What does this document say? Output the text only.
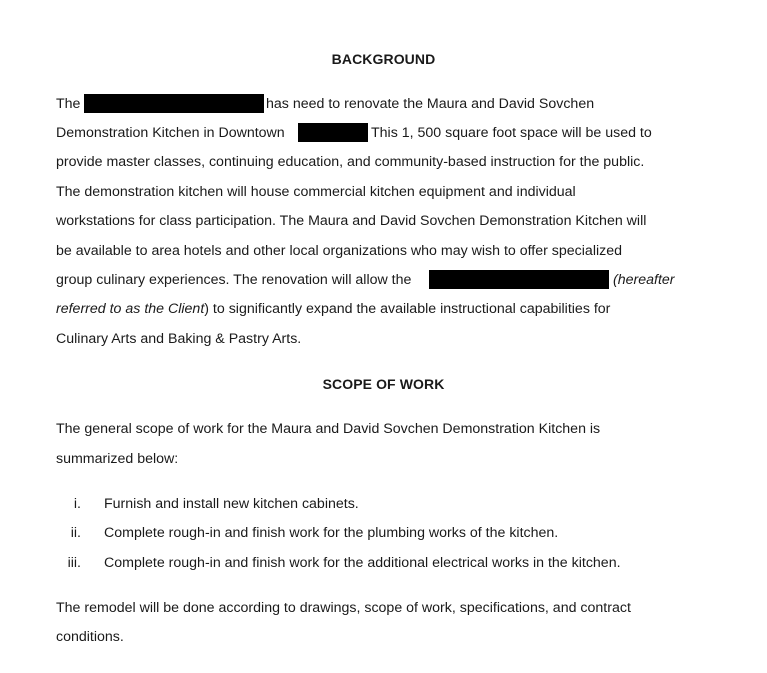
BACKGROUND
The	has need to renovate the Maura and David Sovchen
Demonstration Kitchen in Downtown	This 1, 500 square foot space will be used to
provide master classes, continuing education, and community-based instruction for the public.
The demonstration kitchen will house commercial kitchen equipment and individual
workstations for class participation. The Maura and David Sovchen Demonstration Kitchen will
be available to area hotels and other local organizations who may wish to offer specialized
group culinary experiences. The renovation will allow the	(hereafter
referred to as the Client) to significantly expand the available instructional capabilities for
Culinary Arts and Baking & Pastry Arts.
SCOPE OF WORK
The general scope of work for the Maura and David Sovchen Demonstration Kitchen is
summarized below:
i. Furnish and install new kitchen cabinets.
ii. Complete rough-in and finish work for the plumbing works of the kitchen.
iii. Complete rough-in and finish work for the additional electrical works in the kitchen.
The remodel will be done according to drawings, scope of work, specifications, and contract
conditions.
